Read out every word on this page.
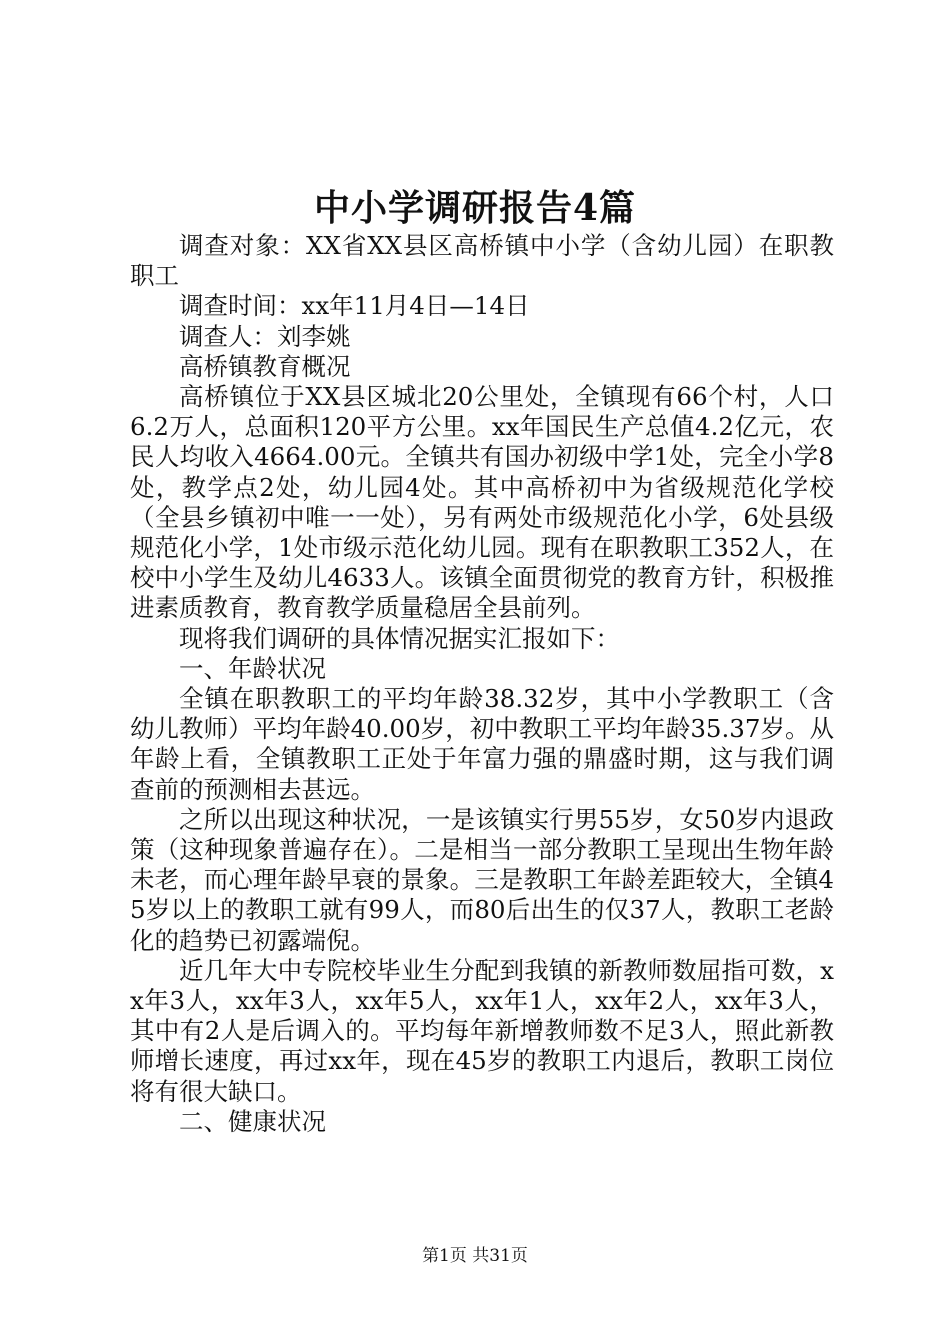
中小学调研报告4篇

调查对象：XX省XX县区高桥镇中小学（含幼儿园）在职教职工

调查时间：xx年11月4日—14日

调查人：刘李姚

高桥镇教育概况

高桥镇位于XX县区城北20公里处，全镇现有66个村，人口6.2万人，总面积120平方公里。xx年国民生产总值4.2亿元，农民人均收入4664.00元。全镇共有国办初级中学1处，完全小学8处，教学点2处，幼儿园4处。其中高桥初中为省级规范化学校（全县乡镇初中唯一一处），另有两处市级规范化小学，6处县级规范化小学，1处市级示范化幼儿园。现有在职教职工352人，在校中小学生及幼儿4633人。该镇全面贯彻党的教育方针，积极推进素质教育，教育教学质量稳居全县前列。

现将我们调研的具体情况据实汇报如下：

一、年龄状况

全镇在职教职工的平均年龄38.32岁，其中小学教职工（含幼儿教师）平均年龄40.00岁，初中教职工平均年龄35.37岁。从年龄上看，全镇教职工正处于年富力强的鼎盛时期，这与我们调查前的预测相去甚远。

之所以出现这种状况，一是该镇实行男55岁，女50岁内退政策（这种现象普遍存在）。二是相当一部分教职工呈现出生物年龄未老，而心理年龄早衰的景象。三是教职工年龄差距较大，全镇45岁以上的教职工就有99人，而80后出生的仅37人，教职工老龄化的趋势已初露端倪。

近几年大中专院校毕业生分配到我镇的新教师数屈指可数，xx年3人，xx年3人，xx年5人，xx年1人，xx年2人，xx年3人，其中有2人是后调入的。平均每年新增教师数不足3人，照此新教师增长速度，再过xx年，现在45岁的教职工内退后，教职工岗位将有很大缺口。

二、健康状况

第1页 共31页
